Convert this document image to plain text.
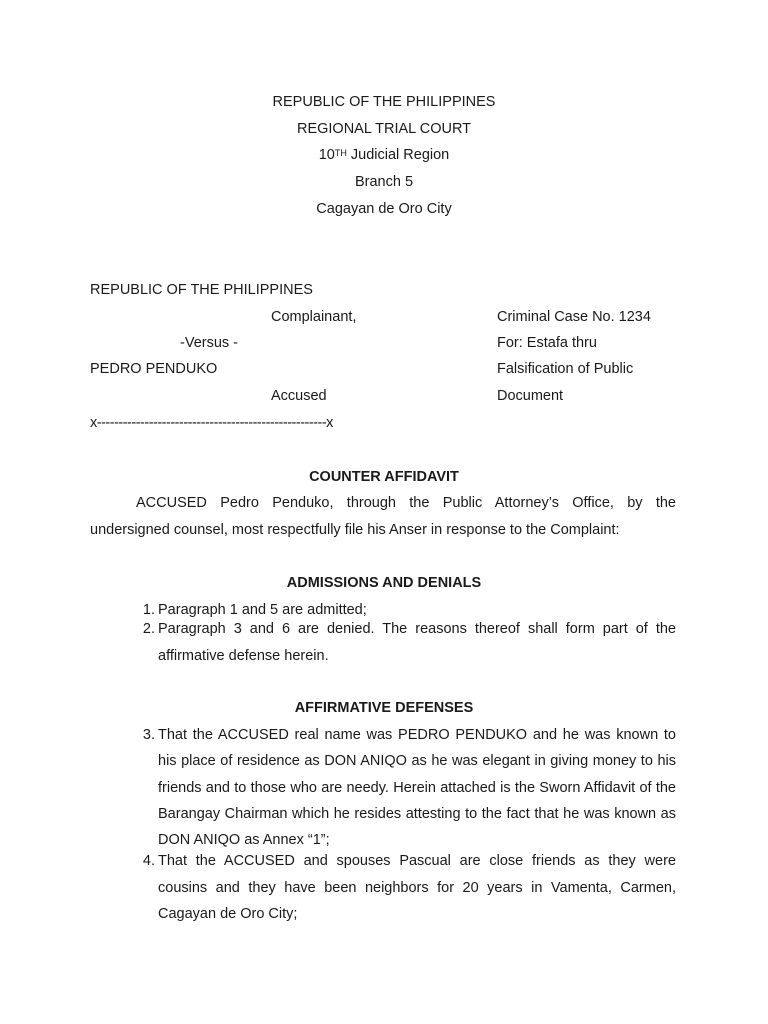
REPUBLIC OF THE PHILIPPINES
REGIONAL TRIAL COURT
10TH Judicial Region
Branch 5
Cagayan de Oro City
REPUBLIC OF THE PHILIPPINES
Complainant,	Criminal Case No. 1234
-Versus -	For: Estafa thru
PEDRO PENDUKO	Falsification of Public
Accused	Document
x-----------------------------------------------------x
COUNTER AFFIDAVIT
ACCUSED Pedro Penduko, through the Public Attorney’s Office, by the undersigned counsel, most respectfully file his Anser in response to the Complaint:
ADMISSIONS AND DENIALS
1. Paragraph 1 and 5 are admitted;
2. Paragraph 3 and 6 are denied. The reasons thereof shall form part of the affirmative defense herein.
AFFIRMATIVE DEFENSES
3. That the ACCUSED real name was PEDRO PENDUKO and he was known to his place of residence as DON ANIQO as he was elegant in giving money to his friends and to those who are needy. Herein attached is the Sworn Affidavit of the Barangay Chairman which he resides attesting to the fact that he was known as DON ANIQO as Annex “1”;
4. That the ACCUSED and spouses Pascual are close friends as they were cousins and they have been neighbors for 20 years in Vamenta, Carmen, Cagayan de Oro City;
